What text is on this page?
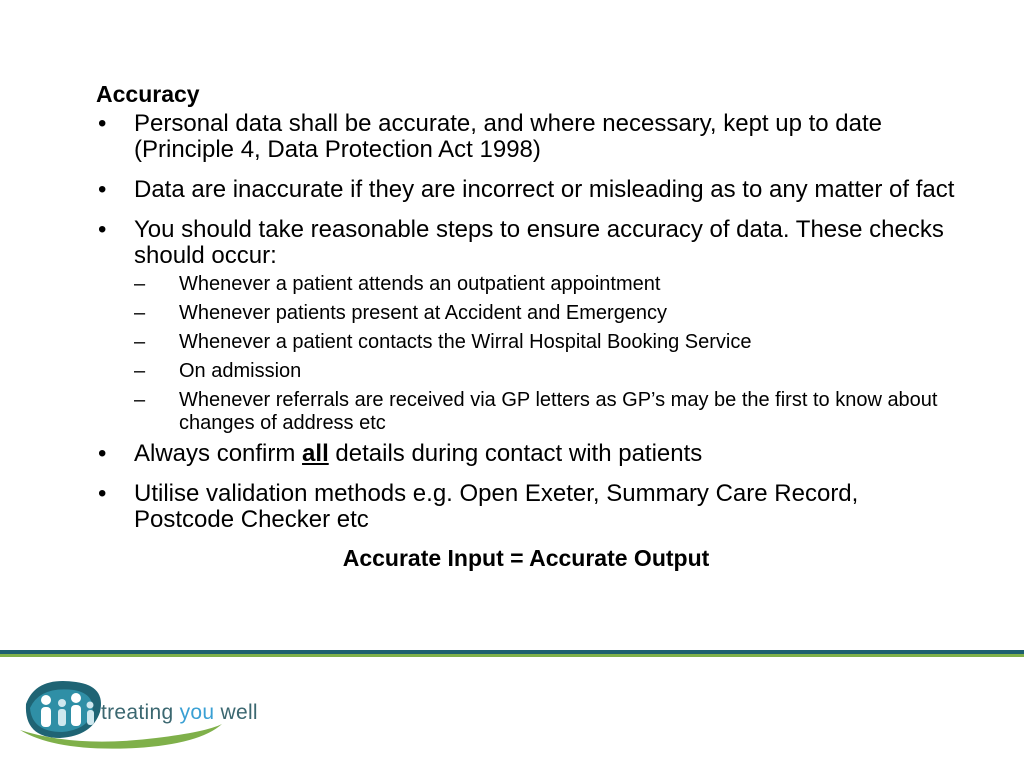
Accuracy
• Personal data shall be accurate, and where necessary, kept up to date (Principle 4, Data Protection Act 1998)
• Data are inaccurate if they are incorrect or misleading as to any matter of fact
• You should take reasonable steps to ensure accuracy of data. These checks should occur:
– Whenever a patient attends an outpatient appointment
– Whenever patients present at Accident and Emergency
– Whenever a patient contacts the Wirral Hospital Booking Service
– On admission
– Whenever referrals are received via GP letters as GP’s may be the first to know about changes of address etc
• Always confirm all details during contact with patients
• Utilise validation methods e.g. Open Exeter, Summary Care Record, Postcode Checker etc
Accurate Input = Accurate Output
treating you well
